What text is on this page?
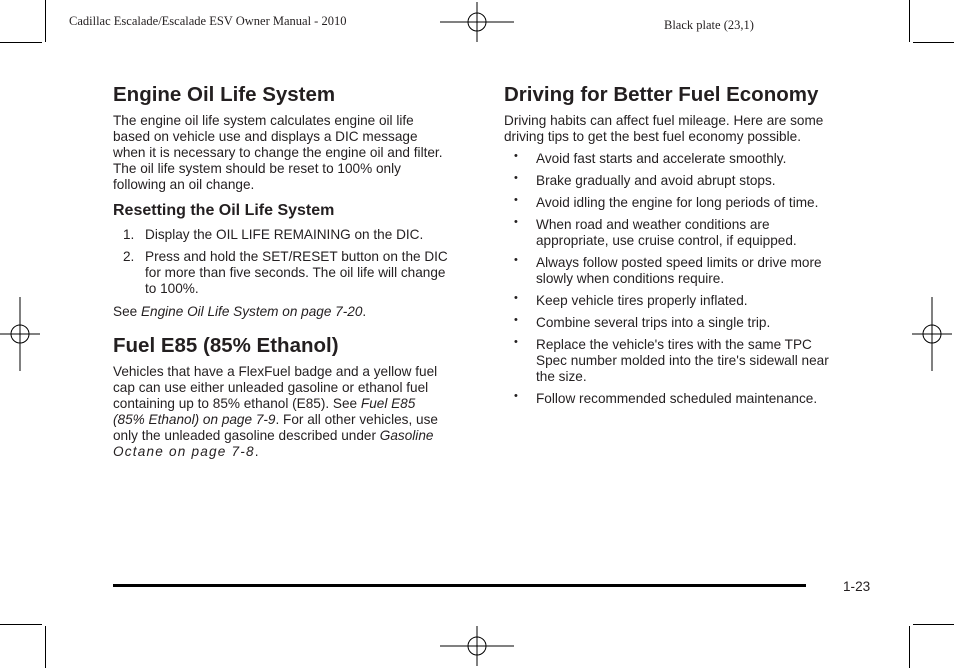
Cadillac Escalade/Escalade ESV Owner Manual - 2010	Black plate (23,1)
Engine Oil Life System
The engine oil life system calculates engine oil life
based on vehicle use and displays a DIC message
when it is necessary to change the engine oil and filter.
The oil life system should be reset to 100% only
following an oil change.
Resetting the Oil Life System
1. Display the OIL LIFE REMAINING on the DIC.
2. Press and hold the SET/RESET button on the DIC
for more than five seconds. The oil life will change
to 100%.
See Engine Oil Life System on page 7-20.
Fuel E85 (85% Ethanol)
Vehicles that have a FlexFuel badge and a yellow fuel
cap can use either unleaded gasoline or ethanol fuel
containing up to 85% ethanol (E85). See Fuel E85
(85% Ethanol) on page 7-9. For all other vehicles, use
only the unleaded gasoline described under Gasoline
Octane on page 7-8.
Driving for Better Fuel Economy
Driving habits can affect fuel mileage. Here are some
driving tips to get the best fuel economy possible.
• Avoid fast starts and accelerate smoothly.
• Brake gradually and avoid abrupt stops.
• Avoid idling the engine for long periods of time.
• When road and weather conditions are
appropriate, use cruise control, if equipped.
• Always follow posted speed limits or drive more
slowly when conditions require.
• Keep vehicle tires properly inflated.
• Combine several trips into a single trip.
• Replace the vehicle's tires with the same TPC
Spec number molded into the tire's sidewall near
the size.
• Follow recommended scheduled maintenance.
1-23
